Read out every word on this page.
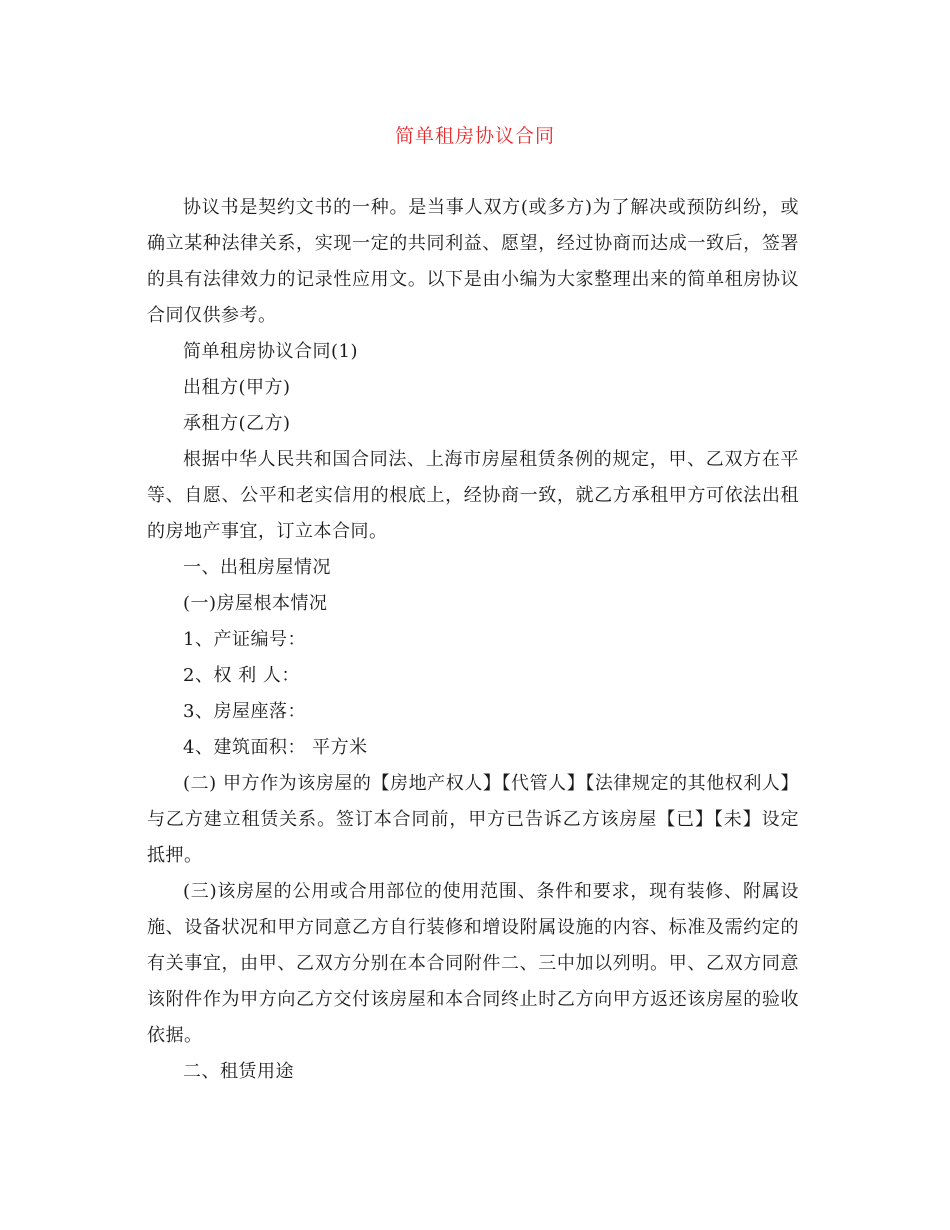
简单租房协议合同

协议书是契约文书的一种。是当事人双方(或多方)为了解决或预防纠纷，或确立某种法律关系，实现一定的共同利益、愿望，经过协商而达成一致后，签署的具有法律效力的记录性应用文。以下是由小编为大家整理出来的简单租房协议合同仅供参考。

简单租房协议合同(1)

出租方(甲方)

承租方(乙方)

根据中华人民共和国合同法、上海市房屋租赁条例的规定，甲、乙双方在平等、自愿、公平和老实信用的根底上，经协商一致，就乙方承租甲方可依法出租的房地产事宜，订立本合同。

一、出租房屋情况

(一)房屋根本情况

1、产证编号：

2、权 利 人：

3、房屋座落：

4、建筑面积： 平方米

(二) 甲方作为该房屋的【房地产权人】【代管人】【法律规定的其他权利人】与乙方建立租赁关系。签订本合同前，甲方已告诉乙方该房屋【已】【未】设定抵押。

(三)该房屋的公用或合用部位的使用范围、条件和要求，现有装修、附属设施、设备状况和甲方同意乙方自行装修和增设附属设施的内容、标准及需约定的有关事宜，由甲、乙双方分别在本合同附件二、三中加以列明。甲、乙双方同意该附件作为甲方向乙方交付该房屋和本合同终止时乙方向甲方返还该房屋的验收依据。

二、租赁用途
